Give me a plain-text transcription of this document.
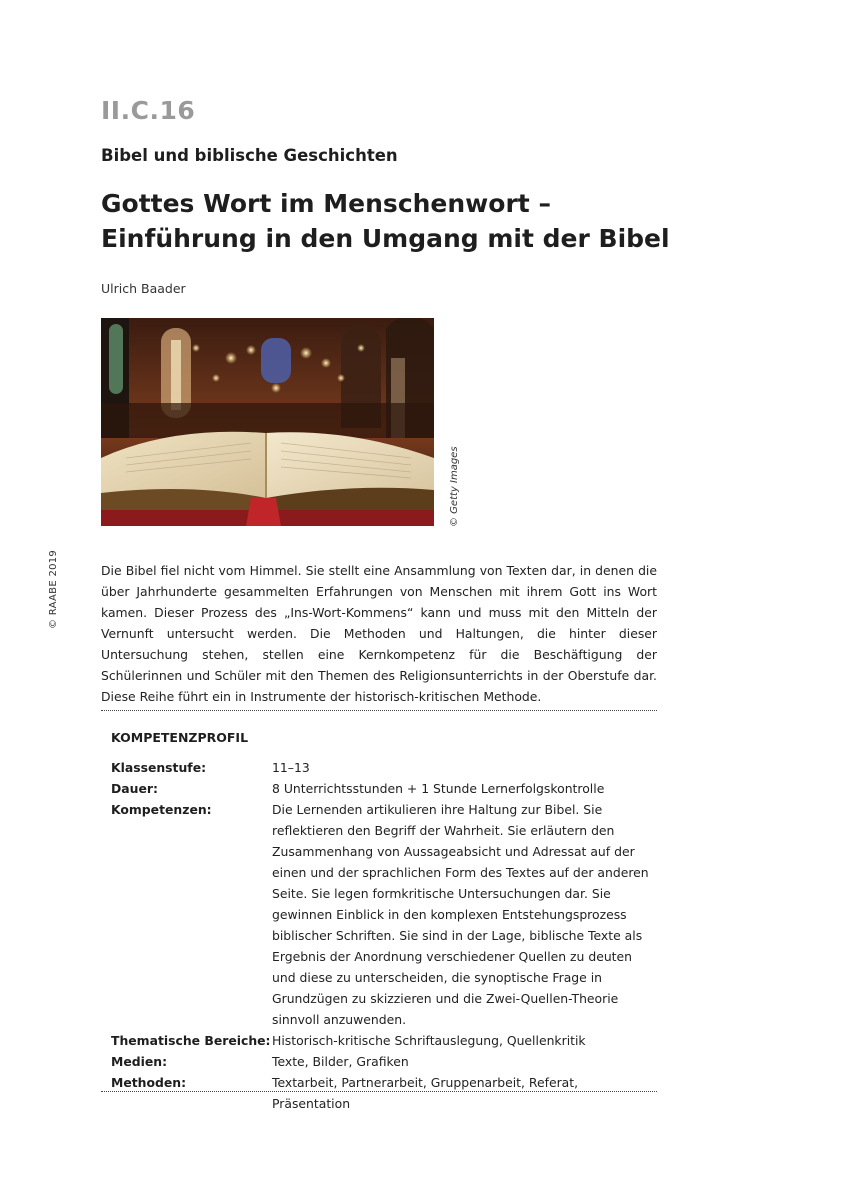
II.C.16
Bibel und biblische Geschichten
Gottes Wort im Menschenwort –
Einführung in den Umgang mit der Bibel
Ulrich Baader
© Getty Images
© RAABE 2019	Die Bibel fiel nicht vom Himmel. Sie stellt eine Ansammlung von Texten dar, in denen die über Jahrhunderte gesammelten Erfahrungen von Menschen mit ihrem Gott ins Wort kamen. Dieser Prozess des „Ins-Wort-Kommens“ kann und muss mit den Mitteln der Vernunft untersucht werden. Die Methoden und Haltungen, die hinter dieser Untersuchung stehen, stellen eine Kernkompetenz für die Beschäftigung der Schülerinnen und Schüler mit den Themen des Religionsunterrichts in der Oberstufe dar. Diese Reihe führt ein in Instrumente der historisch-kritischen Methode.

KOMPETENZPROFIL
Klassenstufe:	11–13
Dauer:	8 Unterrichtsstunden + 1 Stunde Lernerfolgskontrolle
Kompetenzen:	Die Lernenden artikulieren ihre Haltung zur Bibel. Sie reflektieren den Begriff der Wahrheit. Sie erläutern den Zusammenhang von Aussageabsicht und Adressat auf der einen und der sprachlichen Form des Textes auf der anderen Seite. Sie legen formkritische Untersuchungen dar. Sie gewinnen Einblick in den komplexen Entstehungsprozess biblischer Schriften. Sie sind in der Lage, biblische Texte als Ergebnis der Anordnung verschiedener Quellen zu deuten und diese zu unterscheiden, die synoptische Frage in Grundzügen zu skizzieren und die Zwei-Quellen-Theorie sinnvoll anzuwenden.
Thematische Bereiche:	Historisch-kritische Schriftauslegung, Quellenkritik
Medien:	Texte, Bilder, Grafiken
Methoden:	Textarbeit, Partnerarbeit, Gruppenarbeit, Referat, Präsentation
